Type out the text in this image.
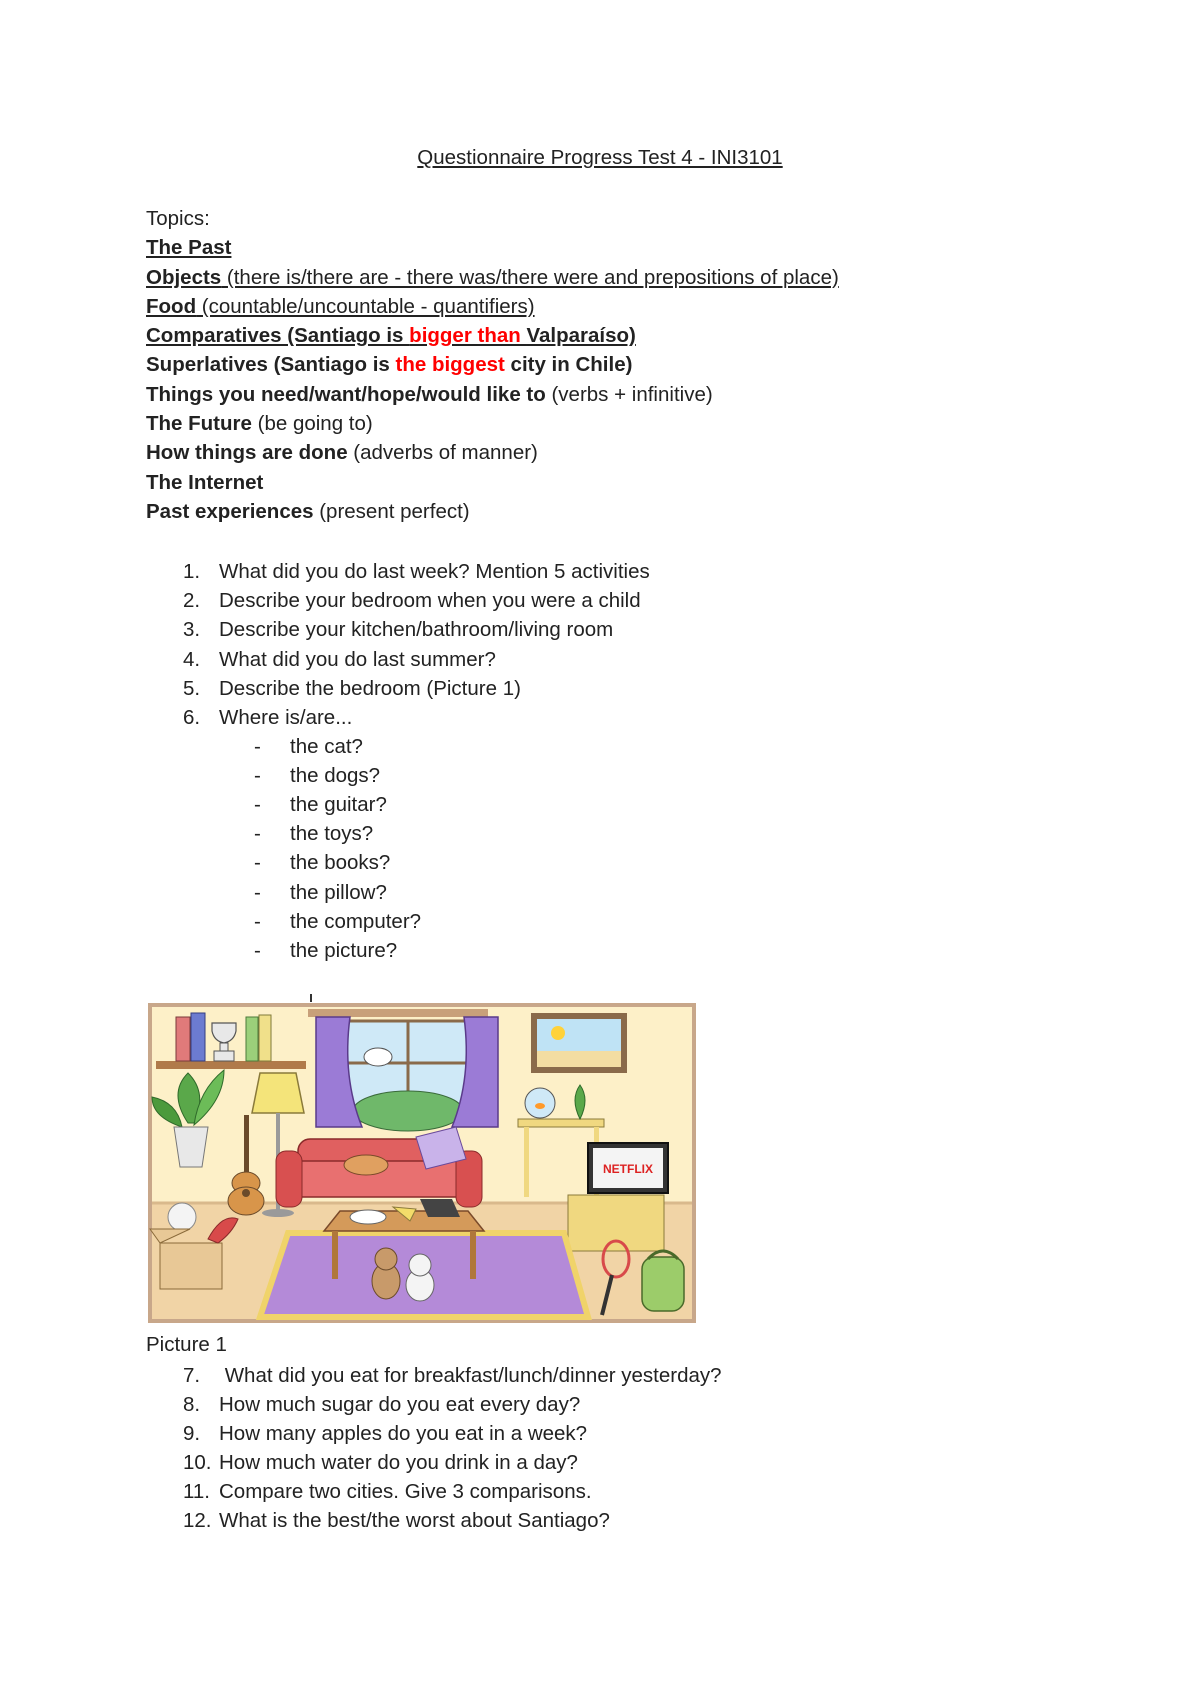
Questionnaire Progress Test 4 - INI3101
Topics:
The Past
Objects (there is/there are - there was/there were and prepositions of place)
Food (countable/uncountable - quantifiers)
Comparatives (Santiago is bigger than Valparaíso)
Superlatives (Santiago is the biggest city in Chile)
Things you need/want/hope/would like to (verbs + infinitive)
The Future (be going to)
How things are done (adverbs of manner)
The Internet
Past experiences (present perfect)
1. What did you do last week? Mention 5 activities
2. Describe your bedroom when you were a child
3. Describe your kitchen/bathroom/living room
4. What did you do last summer?
5. Describe the bedroom (Picture 1)
6. Where is/are...
- the cat?
- the dogs?
- the guitar?
- the toys?
- the books?
- the pillow?
- the computer?
- the picture?
NETFLIX
Picture 1
7. What did you eat for breakfast/lunch/dinner yesterday?
8. How much sugar do you eat every day?
9. How many apples do you eat in a week?
10. How much water do you drink in a day?
11. Compare two cities. Give 3 comparisons.
12. What is the best/the worst about Santiago?
